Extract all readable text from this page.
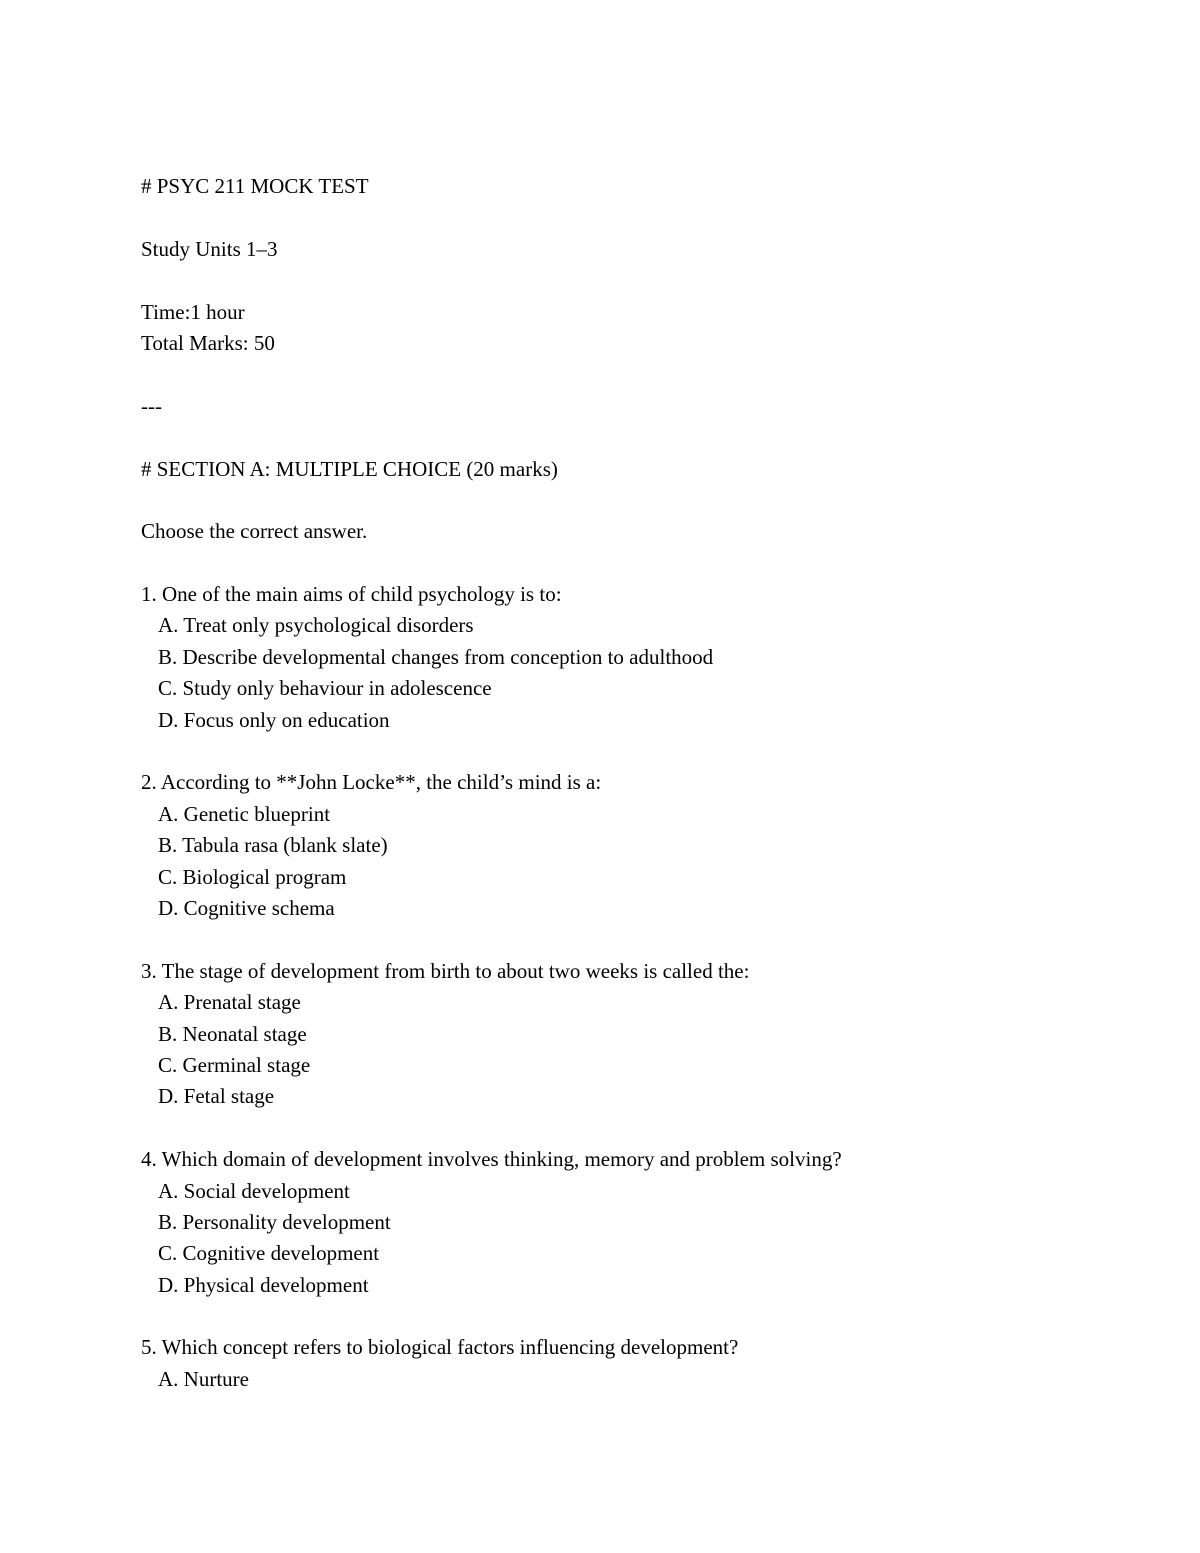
# PSYC 211 MOCK TEST

Study Units 1–3

Time:1 hour

Total Marks: 50

---

# SECTION A: MULTIPLE CHOICE (20 marks)

Choose the correct answer.

1. One of the main aims of child psychology is to:

A. Treat only psychological disorders

B. Describe developmental changes from conception to adulthood

C. Study only behaviour in adolescence

D. Focus only on education

2. According to **John Locke**, the child’s mind is a:

A. Genetic blueprint

B. Tabula rasa (blank slate)

C. Biological program

D. Cognitive schema

3. The stage of development from birth to about two weeks is called the:

A. Prenatal stage

B. Neonatal stage

C. Germinal stage

D. Fetal stage

4. Which domain of development involves thinking, memory and problem solving?

A. Social development

B. Personality development

C. Cognitive development

D. Physical development

5. Which concept refers to biological factors influencing development?

A. Nurture
